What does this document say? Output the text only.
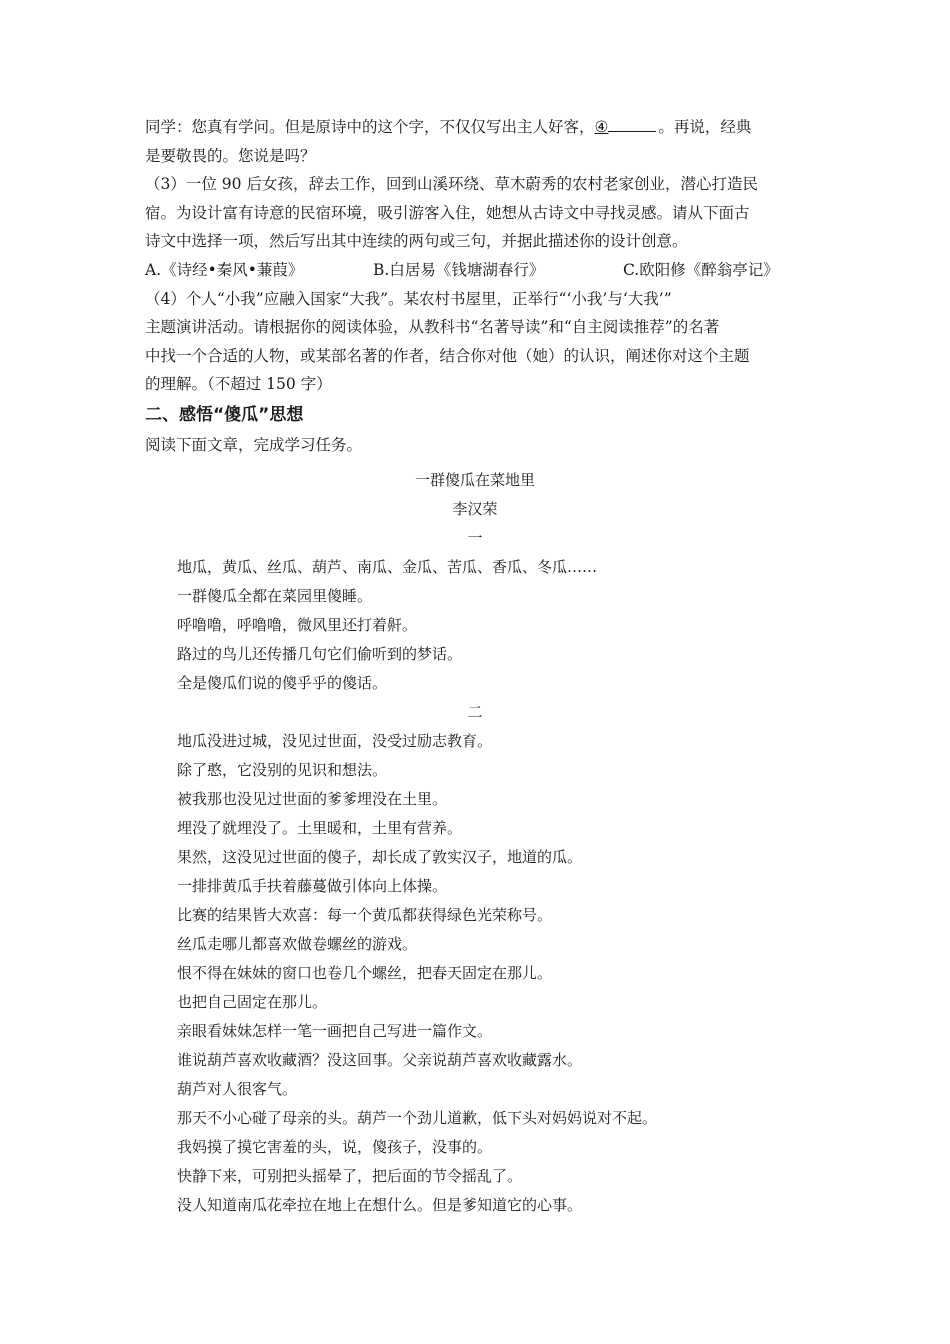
同学：您真有学问。但是原诗中的这个字，不仅仅写出主人好客，④	。再说，经典
是要敬畏的。您说是吗？

（3）一位 90 后女孩，辞去工作，回到山溪环绕、草木蔚秀的农村老家创业，潜心打造民
宿。为设计富有诗意的民宿环境，吸引游客入住，她想从古诗文中寻找灵感。请从下面古
诗文中选择一项，然后写出其中连续的两句或三句，并据此描述你的设计创意。

A.《诗经•秦风•蒹葭》	B.白居易《钱塘湖春行》	C.欧阳修《醉翁亭记》

（4）个人“小我”应融入国家“大我”。某农村书屋里，正举行“‘小我’与‘大我’”
主题演讲活动。请根据你的阅读体验，从教科书“名著导读”和“自主阅读推荐”的名著
中找一个合适的人物，或某部名著的作者，结合你对他（她）的认识，阐述你对这个主题
的理解。（不超过 150 字）

二、感悟“傻瓜”思想

阅读下面文章，完成学习任务。

一群傻瓜在菜地里
李汉荣
一
地瓜，黄瓜、丝瓜、葫芦、南瓜、金瓜、苦瓜、香瓜、冬瓜……
一群傻瓜全都在菜园里傻睡。
呼噜噜，呼噜噜，微风里还打着鼾。
路过的鸟儿还传播几句它们偷听到的梦话。
全是傻瓜们说的傻乎乎的傻话。
二
地瓜没进过城，没见过世面，没受过励志教育。
除了憨，它没别的见识和想法。
被我那也没见过世面的爹爹埋没在土里。
埋没了就埋没了。土里暖和，土里有营养。
果然，这没见过世面的傻子，却长成了敦实汉子，地道的瓜。
一排排黄瓜手扶着藤蔓做引体向上体操。
比赛的结果皆大欢喜：每一个黄瓜都获得绿色光荣称号。
丝瓜走哪儿都喜欢做卷螺丝的游戏。
恨不得在妹妹的窗口也卷几个螺丝，把春天固定在那儿。
也把自己固定在那儿。
亲眼看妹妹怎样一笔一画把自己写进一篇作文。
谁说葫芦喜欢收藏酒？没这回事。父亲说葫芦喜欢收藏露水。
葫芦对人很客气。
那天不小心碰了母亲的头。葫芦一个劲儿道歉，低下头对妈妈说对不起。
我妈摸了摸它害羞的头，说，傻孩子，没事的。
快静下来，可别把头摇晕了，把后面的节令摇乱了。
没人知道南瓜花牵拉在地上在想什么。但是爹知道它的心事。
